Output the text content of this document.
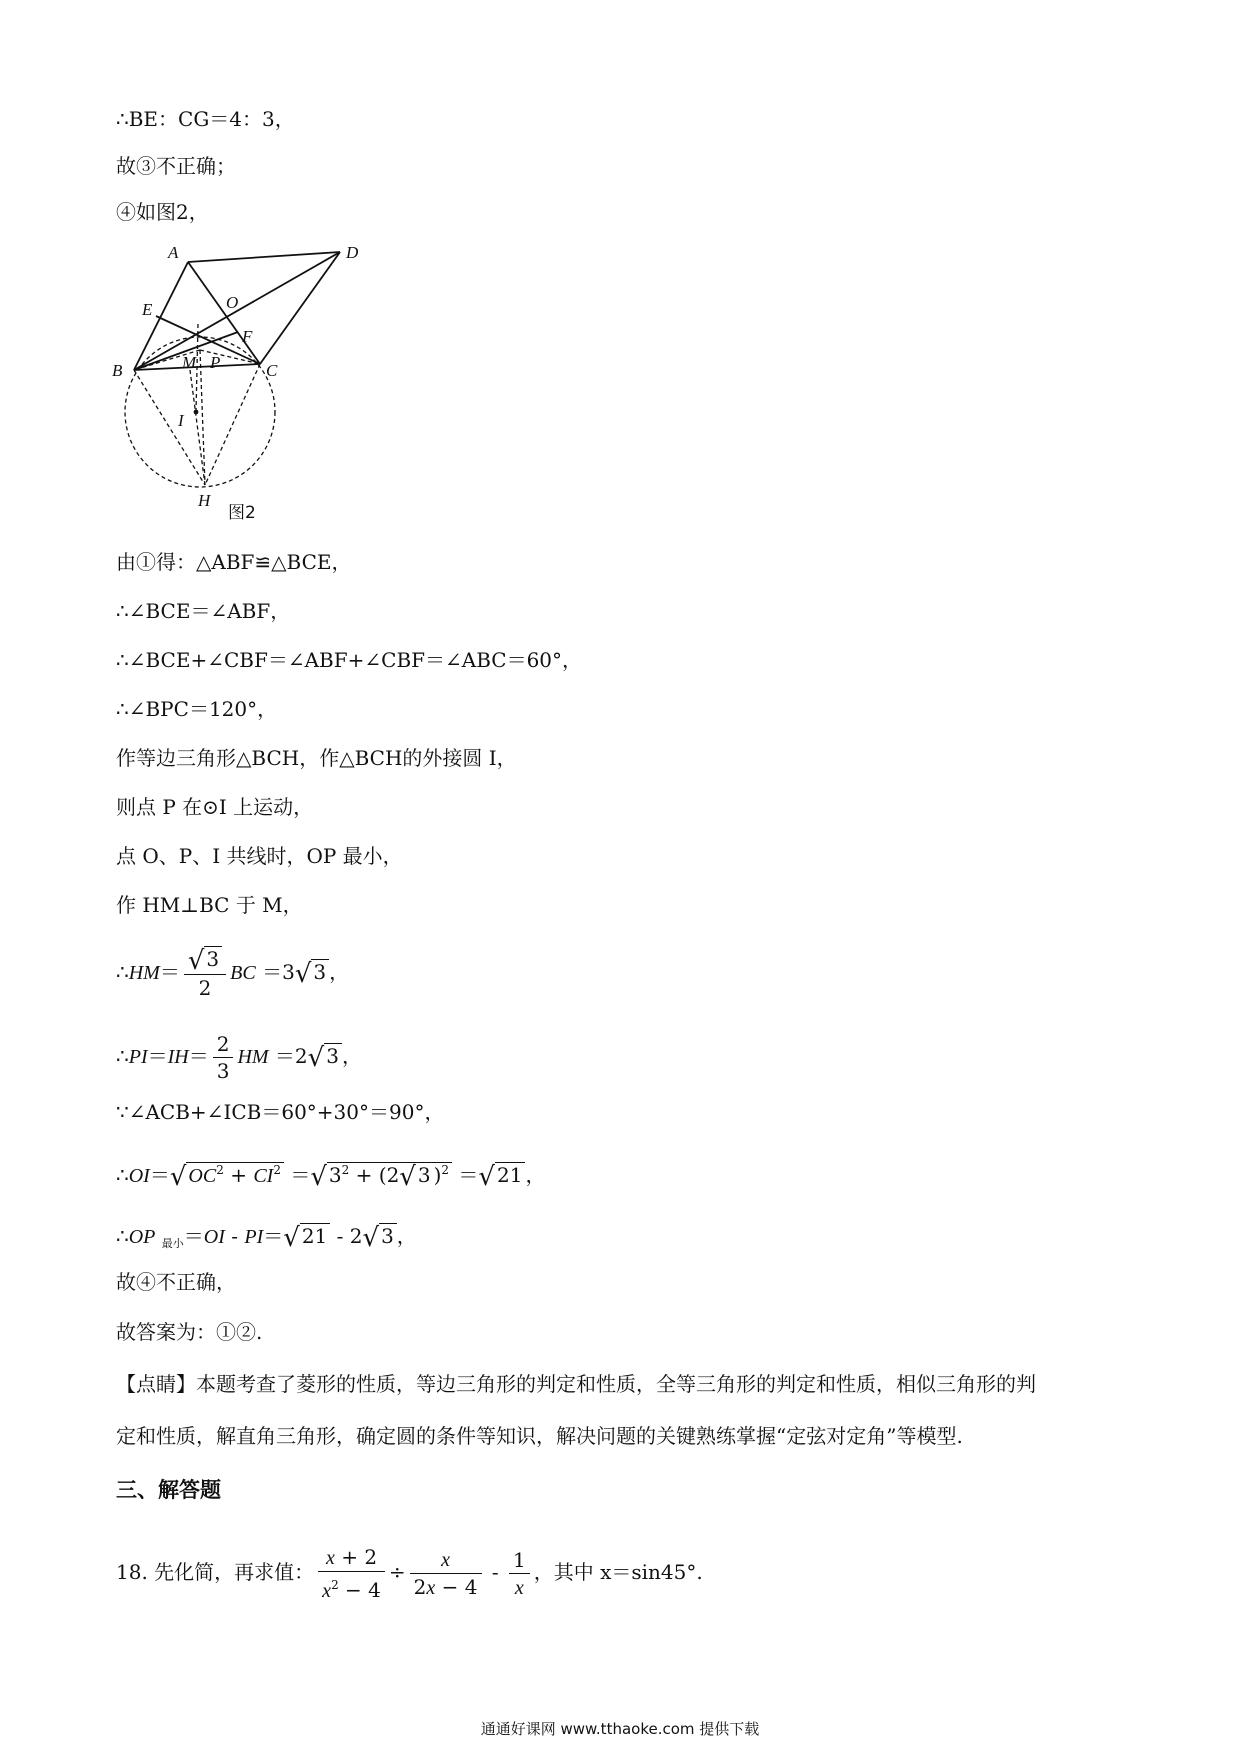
∴BE：CG＝4：3，
故③不正确；
④如图2，
A	D
E	O
F
B	M P	C
I
H
图2
由①得：△ABF≌△BCE，
∴∠BCE＝∠ABF，
∴∠BCE+∠CBF＝∠ABF+∠CBF＝∠ABC＝60°，
∴∠BPC＝120°，
作等边三角形△BCH，作△BCH的外接圆 I，
则点 P 在⊙I 上运动，
点 O、P、I 共线时，OP 最小，
作 HM⊥BC 于 M，
∴HM＝ $\frac{√ 3}{2}$ BC ＝3√ 3 ，
∴PI＝IH＝ $\frac{2}{3}$ HM ＝2√ 3 ，
∵∠ACB+∠ICB＝60°+30°＝90°，
∴OI＝√ $OC^2 + CI^2$ ＝√ $3^2 + (2√$ 3 )$^2$ ＝√ 21 ，
∴OP $_{最小}$＝OI - PI＝√ 21 - 2√ 3 ，
故④不正确，
故答案为：①②.
【点睛】本题考查了菱形的性质，等边三角形的判定和性质，全等三角形的判定和性质，相似三角形的判
定和性质，解直角三角形，确定圆的条件等知识，解决问题的关键熟练掌握“定弦对定角”等模型.
三、解答题
18. 先化简，再求值： $\frac{x + 2}{x^2 - 4} \div \frac{x}{2x - 4} - \frac{1}{x}$ ，其中 x＝sin45°.
通通好课网 www.tthaoke.com 提供下载
